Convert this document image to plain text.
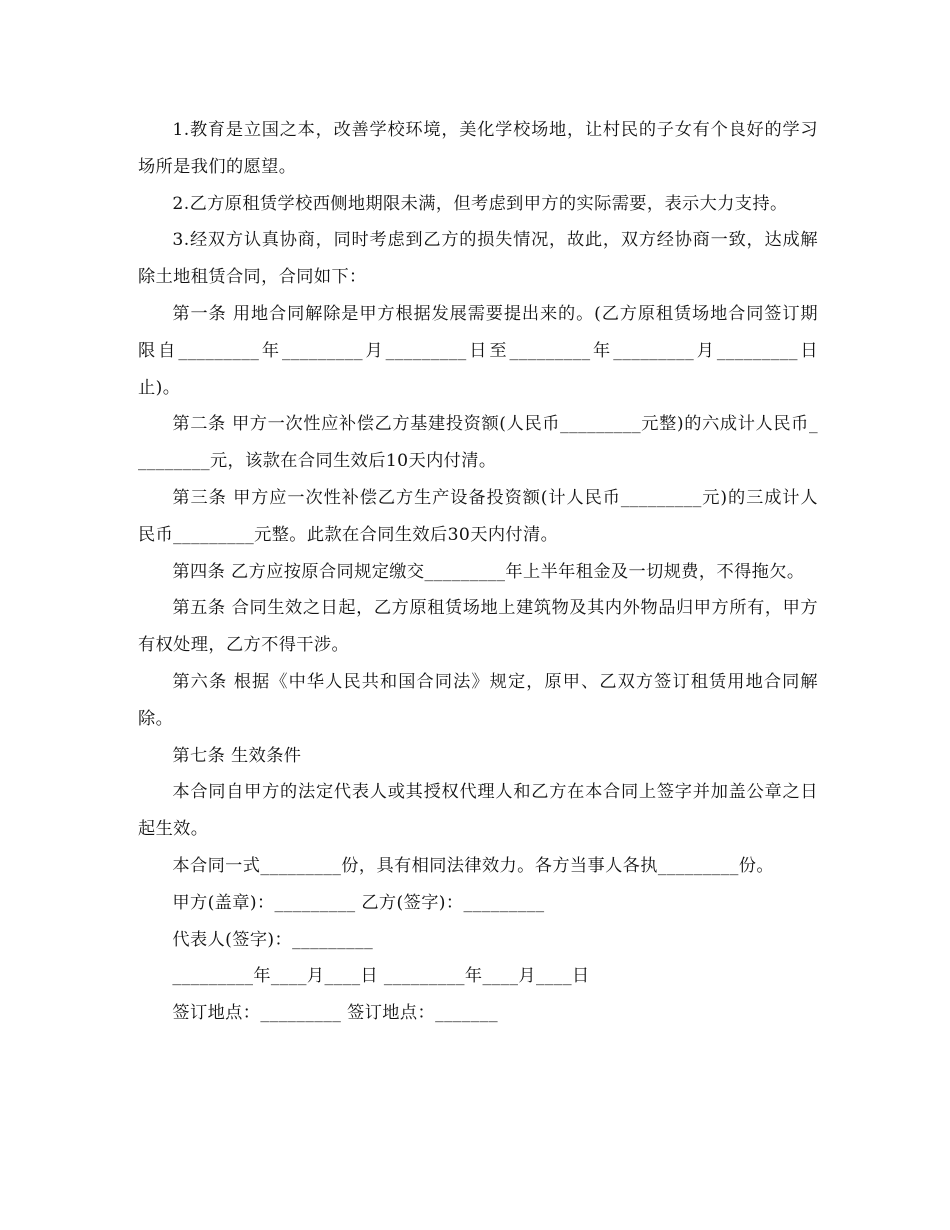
1.教育是立国之本，改善学校环境，美化学校场地，让村民的子女有个良好的学习场所是我们的愿望。

2.乙方原租赁学校西侧地期限未满，但考虑到甲方的实际需要，表示大力支持。

3.经双方认真协商，同时考虑到乙方的损失情况，故此，双方经协商一致，达成解除土地租赁合同，合同如下：

第一条 用地合同解除是甲方根据发展需要提出来的。(乙方原租赁场地合同签订期限自_________年_________月_________日至_________年_________月_________日止)。

第二条 甲方一次性应补偿乙方基建投资额(人民币_________元整)的六成计人民币_________元，该款在合同生效后10天内付清。

第三条 甲方应一次性补偿乙方生产设备投资额(计人民币_________元)的三成计人民币_________元整。此款在合同生效后30天内付清。

第四条 乙方应按原合同规定缴交_________年上半年租金及一切规费，不得拖欠。

第五条 合同生效之日起，乙方原租赁场地上建筑物及其内外物品归甲方所有，甲方有权处理，乙方不得干涉。

第六条 根据《中华人民共和国合同法》规定，原甲、乙双方签订租赁用地合同解除。

第七条 生效条件

本合同自甲方的法定代表人或其授权代理人和乙方在本合同上签字并加盖公章之日起生效。

本合同一式_________份，具有相同法律效力。各方当事人各执_________份。

甲方(盖章)：_________ 乙方(签字)：_________

代表人(签字)：_________

_________年____月____日 _________年____月____日

签订地点：_________ 签订地点：_______
